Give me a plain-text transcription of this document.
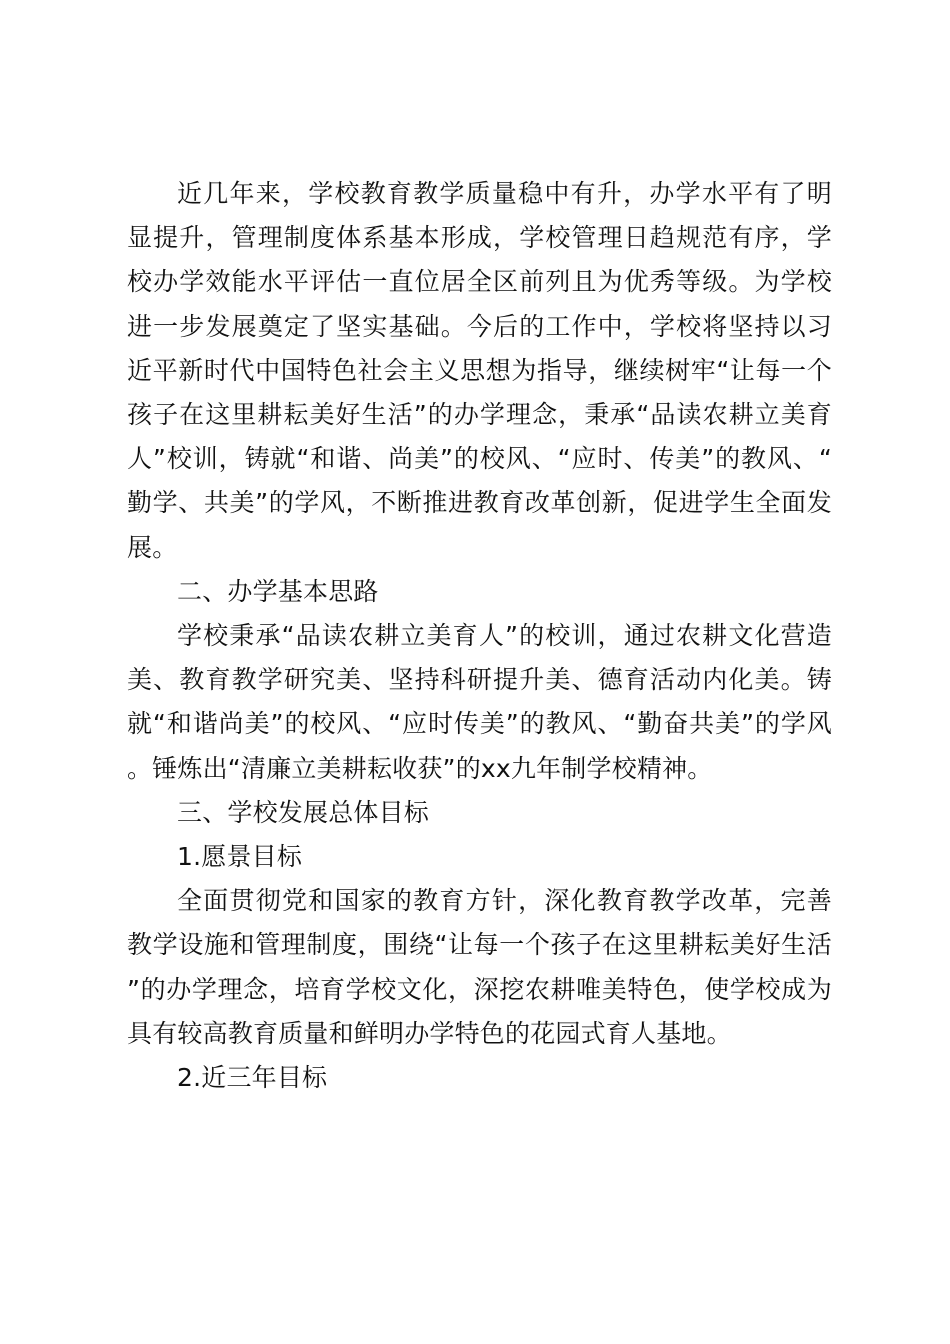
近几年来，学校教育教学质量稳中有升，办学水平有了明显提升，管理制度体系基本形成，学校管理日趋规范有序，学校办学效能水平评估一直位居全区前列且为优秀等级。为学校进一步发展奠定了坚实基础。今后的工作中，学校将坚持以习近平新时代中国特色社会主义思想为指导，继续树牢“让每一个孩子在这里耕耘美好生活”的办学理念，秉承“品读农耕立美育人”校训，铸就“和谐、尚美”的校风、“应时、传美”的教风、“勤学、共美”的学风，不断推进教育改革创新，促进学生全面发展。

二、办学基本思路

学校秉承“品读农耕立美育人”的校训，通过农耕文化营造美、教育教学研究美、坚持科研提升美、德育活动内化美。铸就“和谐尚美”的校风、“应时传美”的教风、“勤奋共美”的学风。锤炼出“清廉立美耕耘收获”的xx九年制学校精神。

三、学校发展总体目标

1.愿景目标

全面贯彻党和国家的教育方针，深化教育教学改革，完善教学设施和管理制度，围绕“让每一个孩子在这里耕耘美好生活”的办学理念，培育学校文化，深挖农耕唯美特色，使学校成为具有较高教育质量和鲜明办学特色的花园式育人基地。

2.近三年目标
